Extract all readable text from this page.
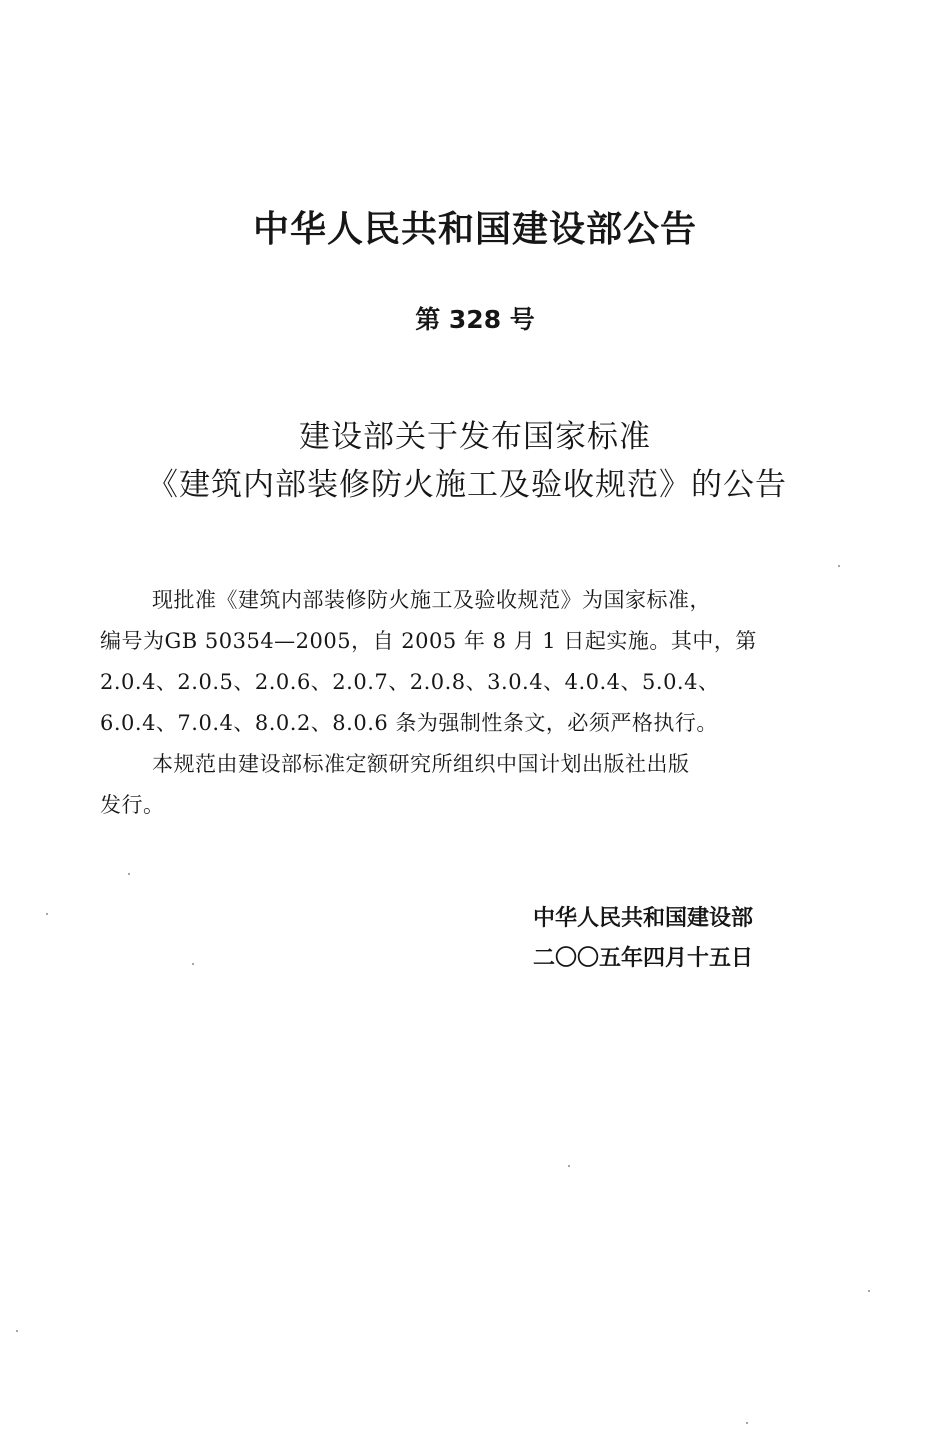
中华人民共和国建设部公告
第 328 号
建设部关于发布国家标准
《建筑内部装修防火施工及验收规范》的公告
现批准《建筑内部装修防火施工及验收规范》为国家标准，
编号为GB 50354—2005，自 2005 年 8 月 1 日起实施。其中，第
2.0.4、2.0.5、2.0.6、2.0.7、2.0.8、3.0.4、4.0.4、5.0.4、
6.0.4、7.0.4、8.0.2、8.0.6 条为强制性条文，必须严格执行。
本规范由建设部标准定额研究所组织中国计划出版社出版
发行。
中华人民共和国建设部
二〇〇五年四月十五日
